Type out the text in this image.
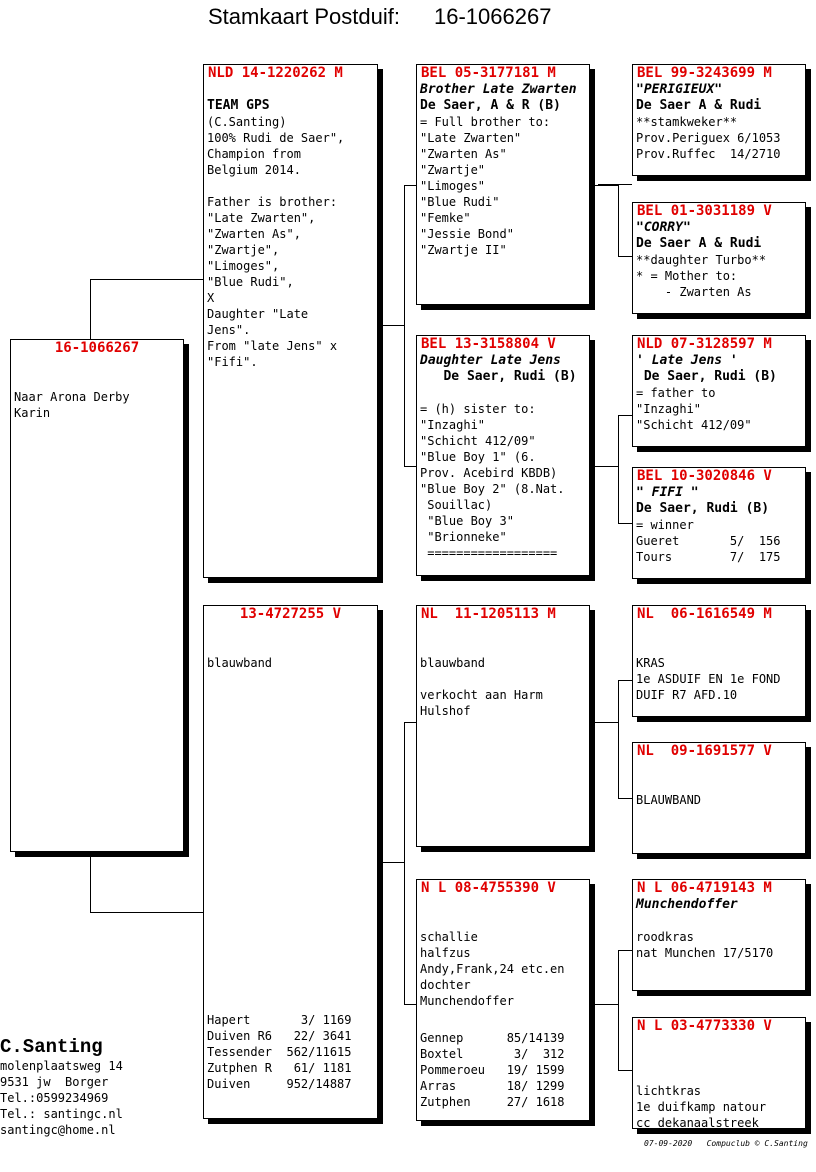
Stamkaart Postduif: 16-1066267
16-1066267
Naar Arona Derby
Karin
NLD 14-1220262 M
TEAM GPS
(C.Santing)
100% Rudi de Saer",
Champion from
Belgium 2014.
Father is brother:
"Late Zwarten",
"Zwarten As",
"Zwartje",
"Limoges",
"Blue Rudi",
X
Daughter "Late
Jens".
From "late Jens" x
"Fifi".
13-4727255 V
blauwband
Hapert       3/ 1169
Duiven R6   22/ 3641
Tessender  562/11615
Zutphen R   61/ 1181
Duiven     952/14887
BEL 05-3177181 M
Brother Late Zwarten
De Saer, A & R (B)
= Full brother to:
"Late Zwarten"
"Zwarten As"
"Zwartje"
"Limoges"
"Blue Rudi"
"Femke"
"Jessie Bond"
"Zwartje II"
BEL 13-3158804 V
Daughter Late Jens
De Saer, Rudi (B)
= (h) sister to:
"Inzaghi"
"Schicht 412/09"
"Blue Boy 1" (6.
Prov. Acebird KBDB)
"Blue Boy 2" (8.Nat.
Souillac)
"Blue Boy 3"
"Brionneke"
==================
NL  11-1205113 M
blauwband
verkocht aan Harm
Hulshof
N L 08-4755390 V
schallie
halfzus
Andy,Frank,24 etc.en
dochter
Munchendoffer
Gennep      85/14139
Boxtel       3/  312
Pommeroeu   19/ 1599
Arras       18/ 1299
Zutphen     27/ 1618
BEL 99-3243699 M
"PERIGIEUX"
De Saer A & Rudi
**stamkweker**
Prov.Periguex 6/1053
Prov.Ruffec  14/2710
BEL 01-3031189 V
"CORRY"
De Saer A & Rudi
**daughter Turbo**
* = Mother to:
- Zwarten As
NLD 07-3128597 M
' Late Jens '
De Saer, Rudi (B)
= father to
"Inzaghi"
"Schicht 412/09"
BEL 10-3020846 V
" FIFI "
De Saer, Rudi (B)
= winner
Gueret       5/  156
Tours        7/  175
NL  06-1616549 M
KRAS
1e ASDUIF EN 1e FOND
DUIF R7 AFD.10
NL  09-1691577 V
BLAUWBAND
N L 06-4719143 M
Munchendoffer
roodkras
nat Munchen 17/5170
N L 03-4773330 V
lichtkras
1e duifkamp natour
cc dekanaalstreek
C.Santing
molenplaatsweg 14
9531 jw  Borger
Tel.:0599234969
Tel.: santingc.nl
santingc@home.nl
07-09-2020   Compuclub © C.Santing
